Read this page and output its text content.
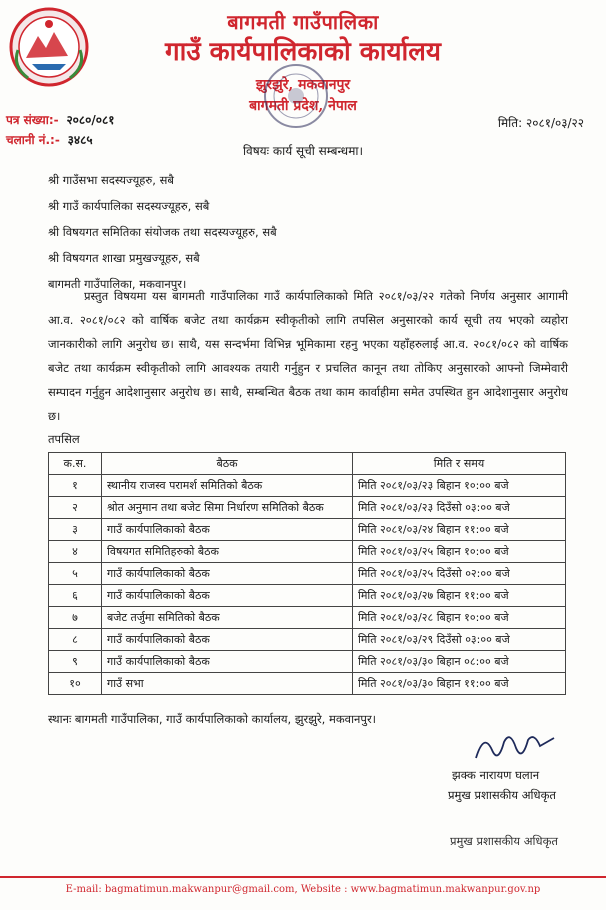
बागमती गाउँपालिका
गाउँ कार्यपालिकाको कार्यालय
झुरझुरे, मकवानपुर
बागमती प्रदेश, नेपाल
पत्र संख्या:- २०८०/०८१
चलानी नं.:- ३४८५
मिति: २०८१/०३/२२
विषयः कार्य सूची सम्बन्धमा।
श्री गाउँसभा सदस्यज्यूहरु, सबै
श्री गाउँ कार्यपालिका सदस्यज्यूहरु, सबै
श्री विषयगत समितिका संयोजक तथा सदस्यज्यूहरु, सबै
श्री विषयगत शाखा प्रमुखज्यूहरु, सबै
बागमती गाउँपालिका, मकवानपुर।
प्रस्तुत विषयमा यस बागमती गाउँपालिका गाउँ कार्यपालिकाको मिति २०८१/०३/२२ गतेको निर्णय अनुसार आगामी आ.व. २०८१/०८२ को वार्षिक बजेट तथा कार्यक्रम स्वीकृतीको लागि तपसिल अनुसारको कार्य सूची तय भएको व्यहोरा जानकारीको लागि अनुरोध छ। साथै, यस सन्दर्भमा विभिन्न भूमिकामा रहनु भएका यहाँहरुलाई आ.व. २०८१/०८२ को वार्षिक बजेट तथा कार्यक्रम स्वीकृतीको लागि आवश्यक तयारी गर्नुहुन र प्रचलित कानून तथा तोकिए अनुसारको आफ्नो जिम्मेवारी सम्पादन गर्नुहुन आदेशानुसार अनुरोध छ। साथै, सम्बन्धित बैठक तथा काम कार्वाहीमा समेत उपस्थित हुन आदेशानुसार अनुरोध छ।
तपसिल
क.स.	बैठक	मिति र समय
१	स्थानीय राजस्व परामर्श समितिको बैठक	मिति २०८१/०३/२३ बिहान १०:०० बजे
२	श्रोत अनुमान तथा बजेट सिमा निर्धारण समितिको बैठक	मिति २०८१/०३/२३ दिउँसो ०३:०० बजे
३	गाउँ कार्यपालिकाको बैठक	मिति २०८१/०३/२४ बिहान ११:०० बजे
४	विषयगत समितिहरुको बैठक	मिति २०८१/०३/२५ बिहान १०:०० बजे
५	गाउँ कार्यपालिकाको बैठक	मिति २०८१/०३/२५ दिउँसो ०२:०० बजे
६	गाउँ कार्यपालिकाको बैठक	मिति २०८१/०३/२७ बिहान ११:०० बजे
७	बजेट तर्जुमा समितिको बैठक	मिति २०८१/०३/२८ बिहान १०:०० बजे
८	गाउँ कार्यपालिकाको बैठक	मिति २०८१/०३/२९ दिउँसो ०३:०० बजे
९	गाउँ कार्यपालिकाको बैठक	मिति २०८१/०३/३० बिहान ०८:०० बजे
१०	गाउँ सभा	मिति २०८१/०३/३० बिहान ११:०० बजे
स्थानः बागमती गाउँपालिका, गाउँ कार्यपालिकाको कार्यालय, झुरझुरे, मकवानपुर।
झक्क नारायण घलान
प्रमुख प्रशासकीय अधिकृत
प्रमुख प्रशासकीय अधिकृत
E-mail: bagmatimun.makwanpur@gmail.com, Website : www.bagmatimun.makwanpur.gov.np
